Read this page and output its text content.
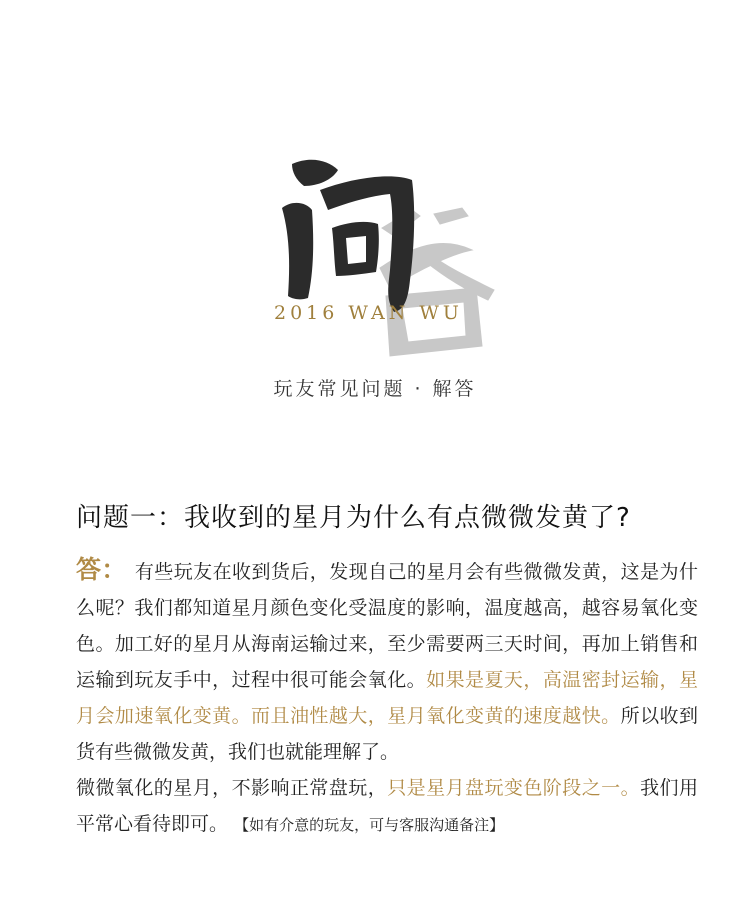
2016 WAN WU
玩友常见问题 · 解答
问题一：我收到的星月为什么有点微微发黄了?
答： 有些玩友在收到货后，发现自己的星月会有些微微发黄，这是为什么呢？我们都知道星月颜色变化受温度的影响，温度越高，越容易氧化变色。加工好的星月从海南运输过来，至少需要两三天时间，再加上销售和运输到玩友手中，过程中很可能会氧化。如果是夏天，高温密封运输，星月会加速氧化变黄。而且油性越大，星月氧化变黄的速度越快。所以收到货有些微微发黄，我们也就能理解了。
微微氧化的星月，不影响正常盘玩，只是星月盘玩变色阶段之一。我们用平常心看待即可。 【如有介意的玩友，可与客服沟通备注】
